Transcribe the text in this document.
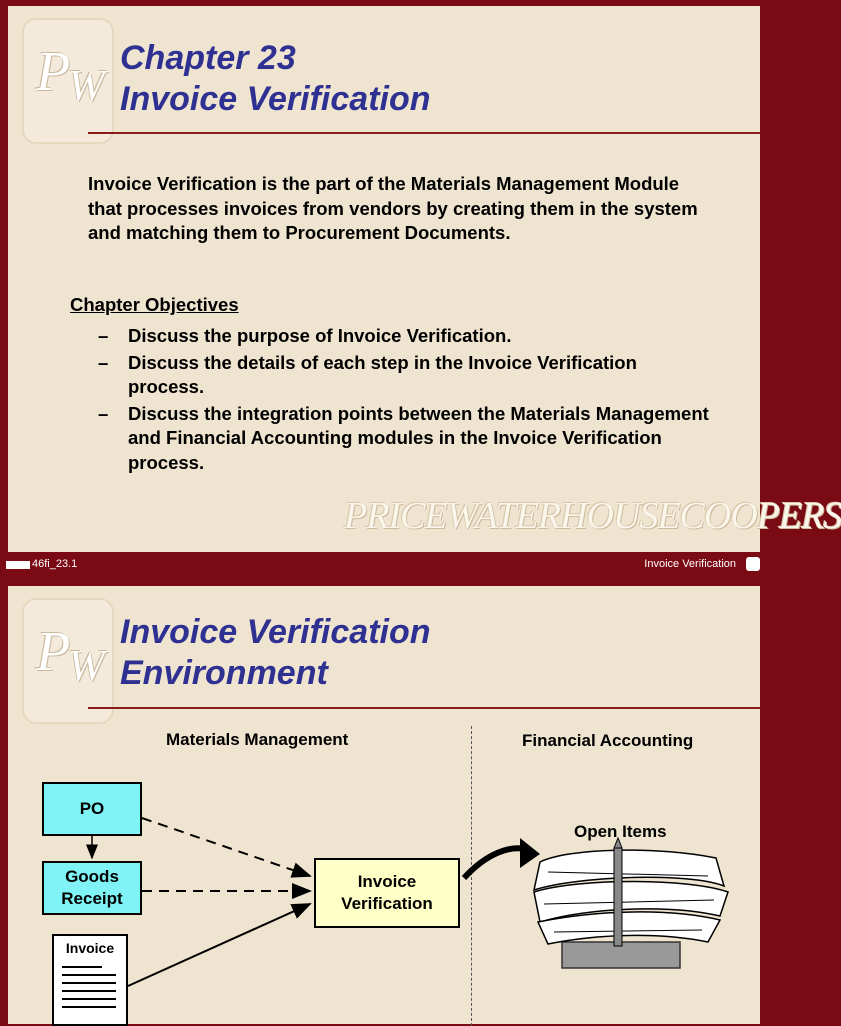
P
W
Chapter 23
Invoice Verification
Invoice Verification is the part of the Materials Management Module that processes invoices from vendors by creating them in the system and matching them to Procurement Documents.
Chapter Objectives
– Discuss the purpose of Invoice Verification.
– Discuss the details of each step in the Invoice Verification process.
– Discuss the integration points between the Materials Management and Financial Accounting modules in the Invoice Verification process.
PRICEWATERHOUSECOOPERS
46fi_23.1	Invoice Verification
P
W
Invoice Verification
Environment
Materials Management	Financial Accounting
PO
Goods
Receipt
Invoice
Verification
Invoice
Open Items
